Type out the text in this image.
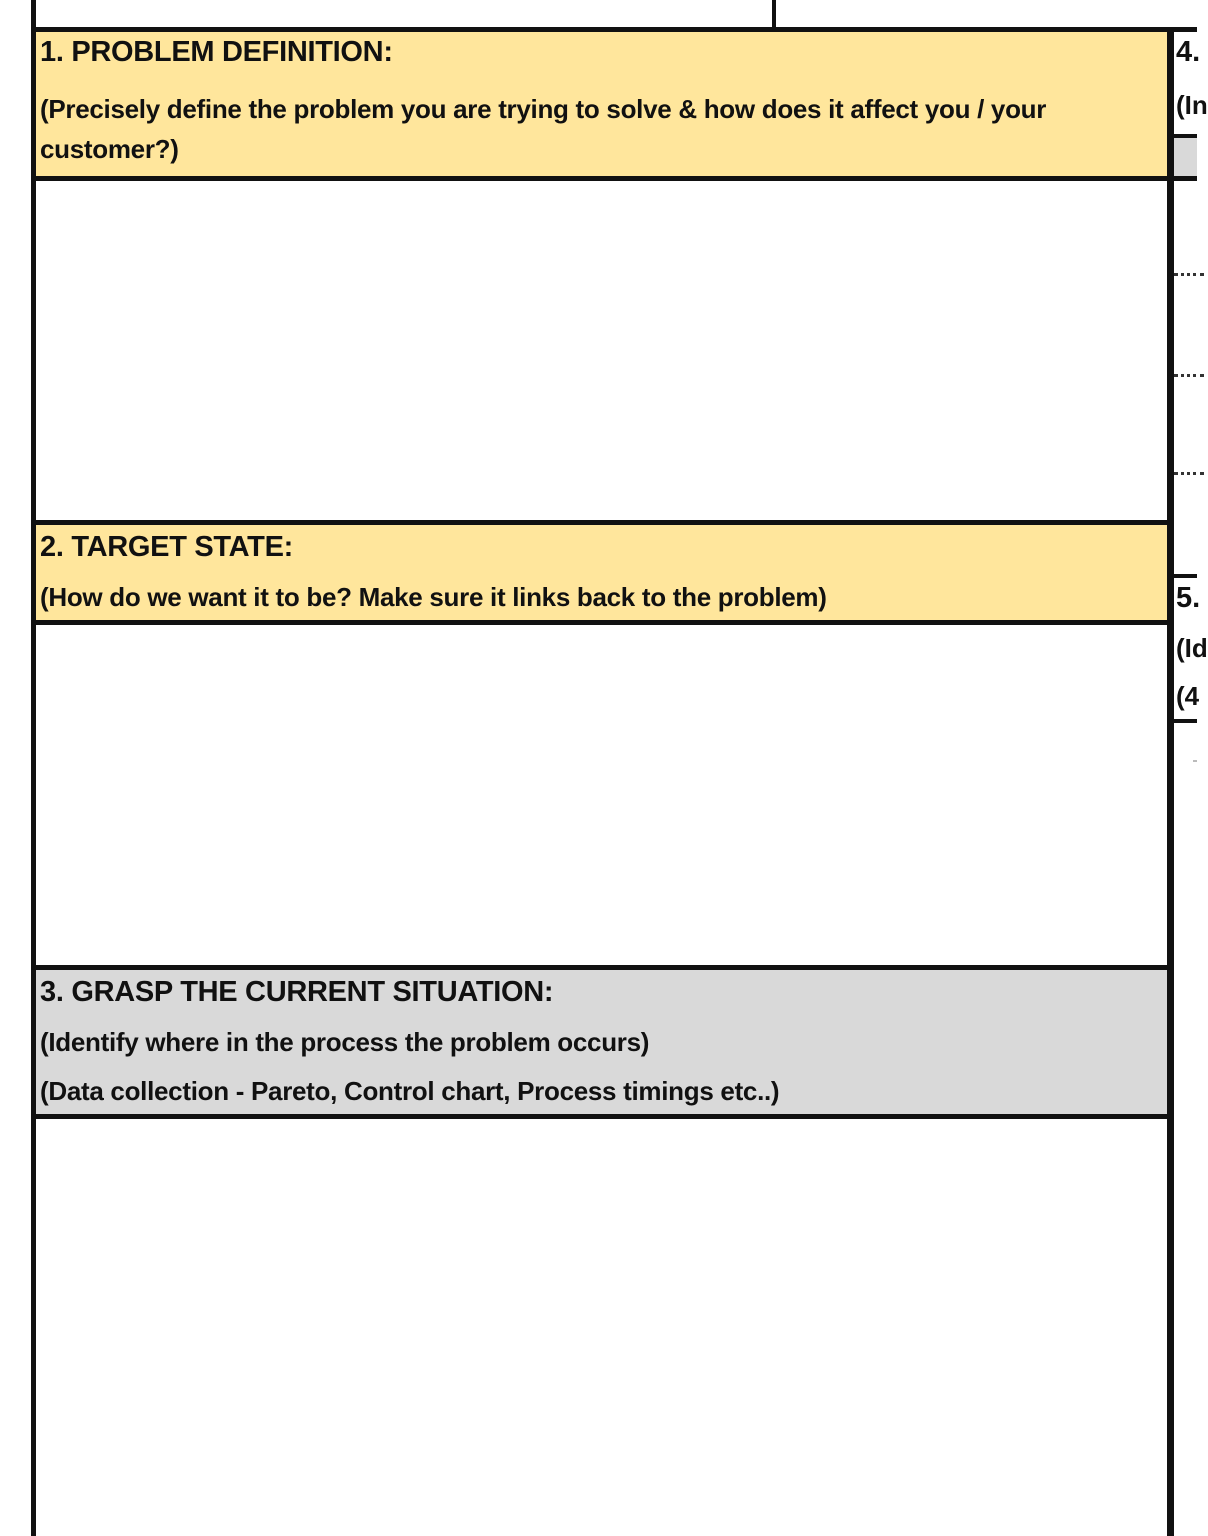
1. PROBLEM DEFINITION:
(Precisely define the problem you are trying to solve & how does it affect you / your customer?)
2. TARGET STATE:
(How do we want it to be? Make sure it links back to the problem)
3. GRASP THE CURRENT SITUATION:
(Identify where in the process the problem occurs)
(Data collection - Pareto, Control chart, Process timings etc..)
4.
(In
5.
(Id
(4
